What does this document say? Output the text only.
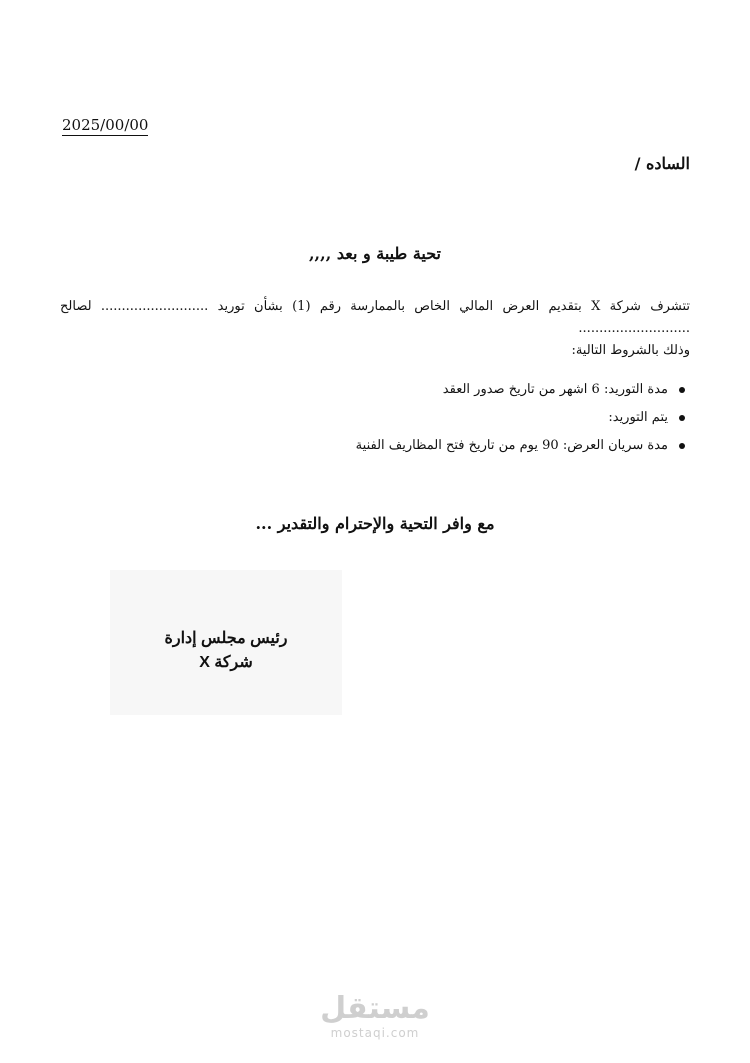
2025/00/00
الساده /
تحية طيبة و بعد ,,,,
تتشرف شركة X بتقديم العرض المالي الخاص بالممارسة رقم (1) بشأن توريد .......................... لصالح ...........................
وذلك بالشروط التالية:
مدة التوريد: 6 اشهر من تاريخ صدور العقد
يتم التوريد:
مدة سريان العرض: 90 يوم من تاريخ فتح المظاريف الفنية
مع وافر التحية والإحترام والتقدير ...
رئيس مجلس إدارة
شركة X
مستقل
mostaqi.com
